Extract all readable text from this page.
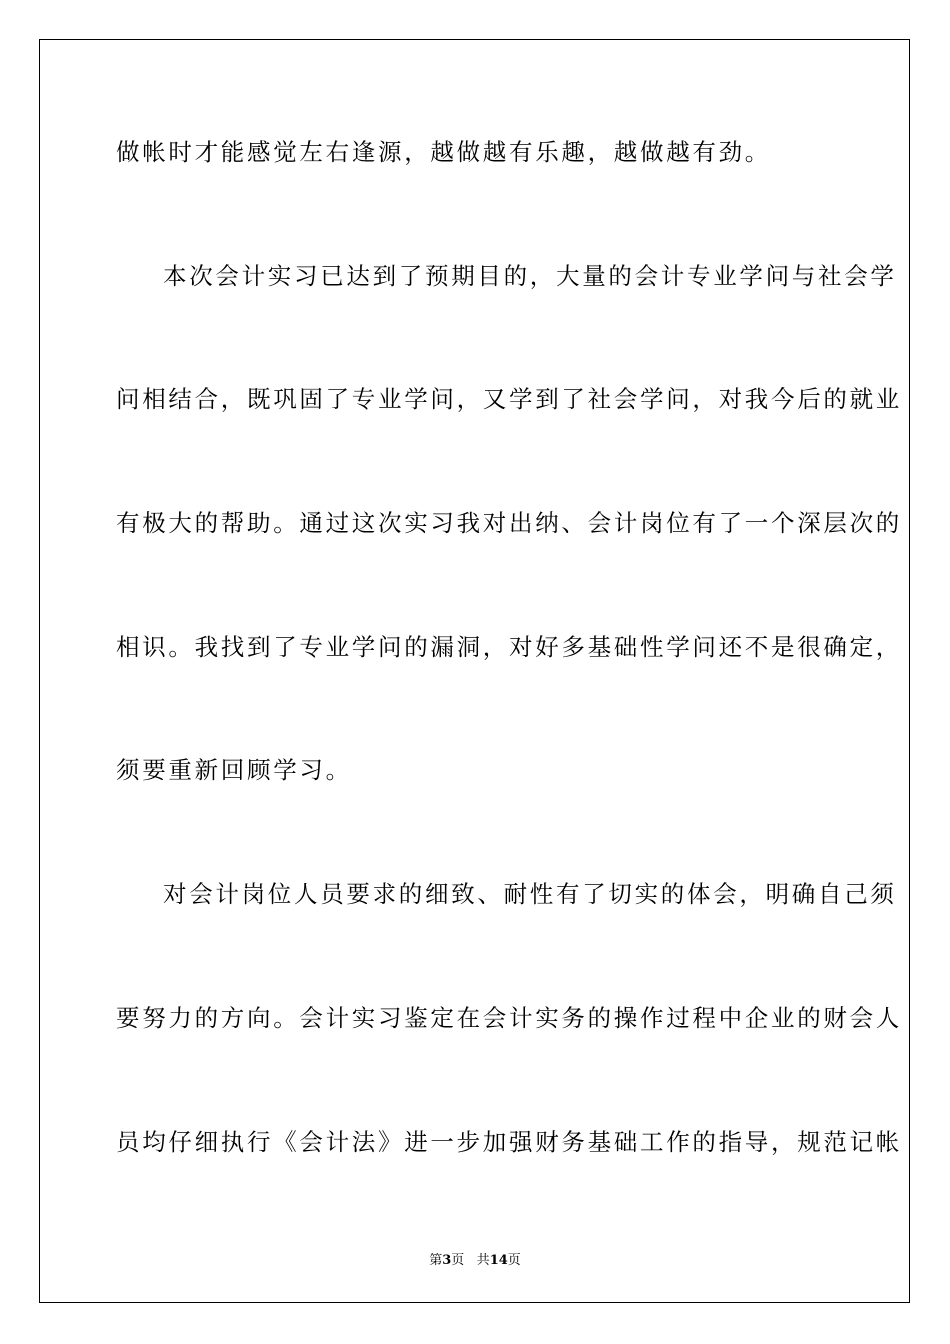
做帐时才能感觉左右逢源，越做越有乐趣，越做越有劲。
本次会计实习已达到了预期目的，大量的会计专业学问与社会学
问相结合，既巩固了专业学问，又学到了社会学问，对我今后的就业
有极大的帮助。通过这次实习我对出纳、会计岗位有了一个深层次的
相识。我找到了专业学问的漏洞，对好多基础性学问还不是很确定，
须要重新回顾学习。
对会计岗位人员要求的细致、耐性有了切实的体会，明确自己须
要努力的方向。会计实习鉴定在会计实务的操作过程中企业的财会人
员均仔细执行《会计法》进一步加强财务基础工作的指导，规范记帐
第3页 共14页
